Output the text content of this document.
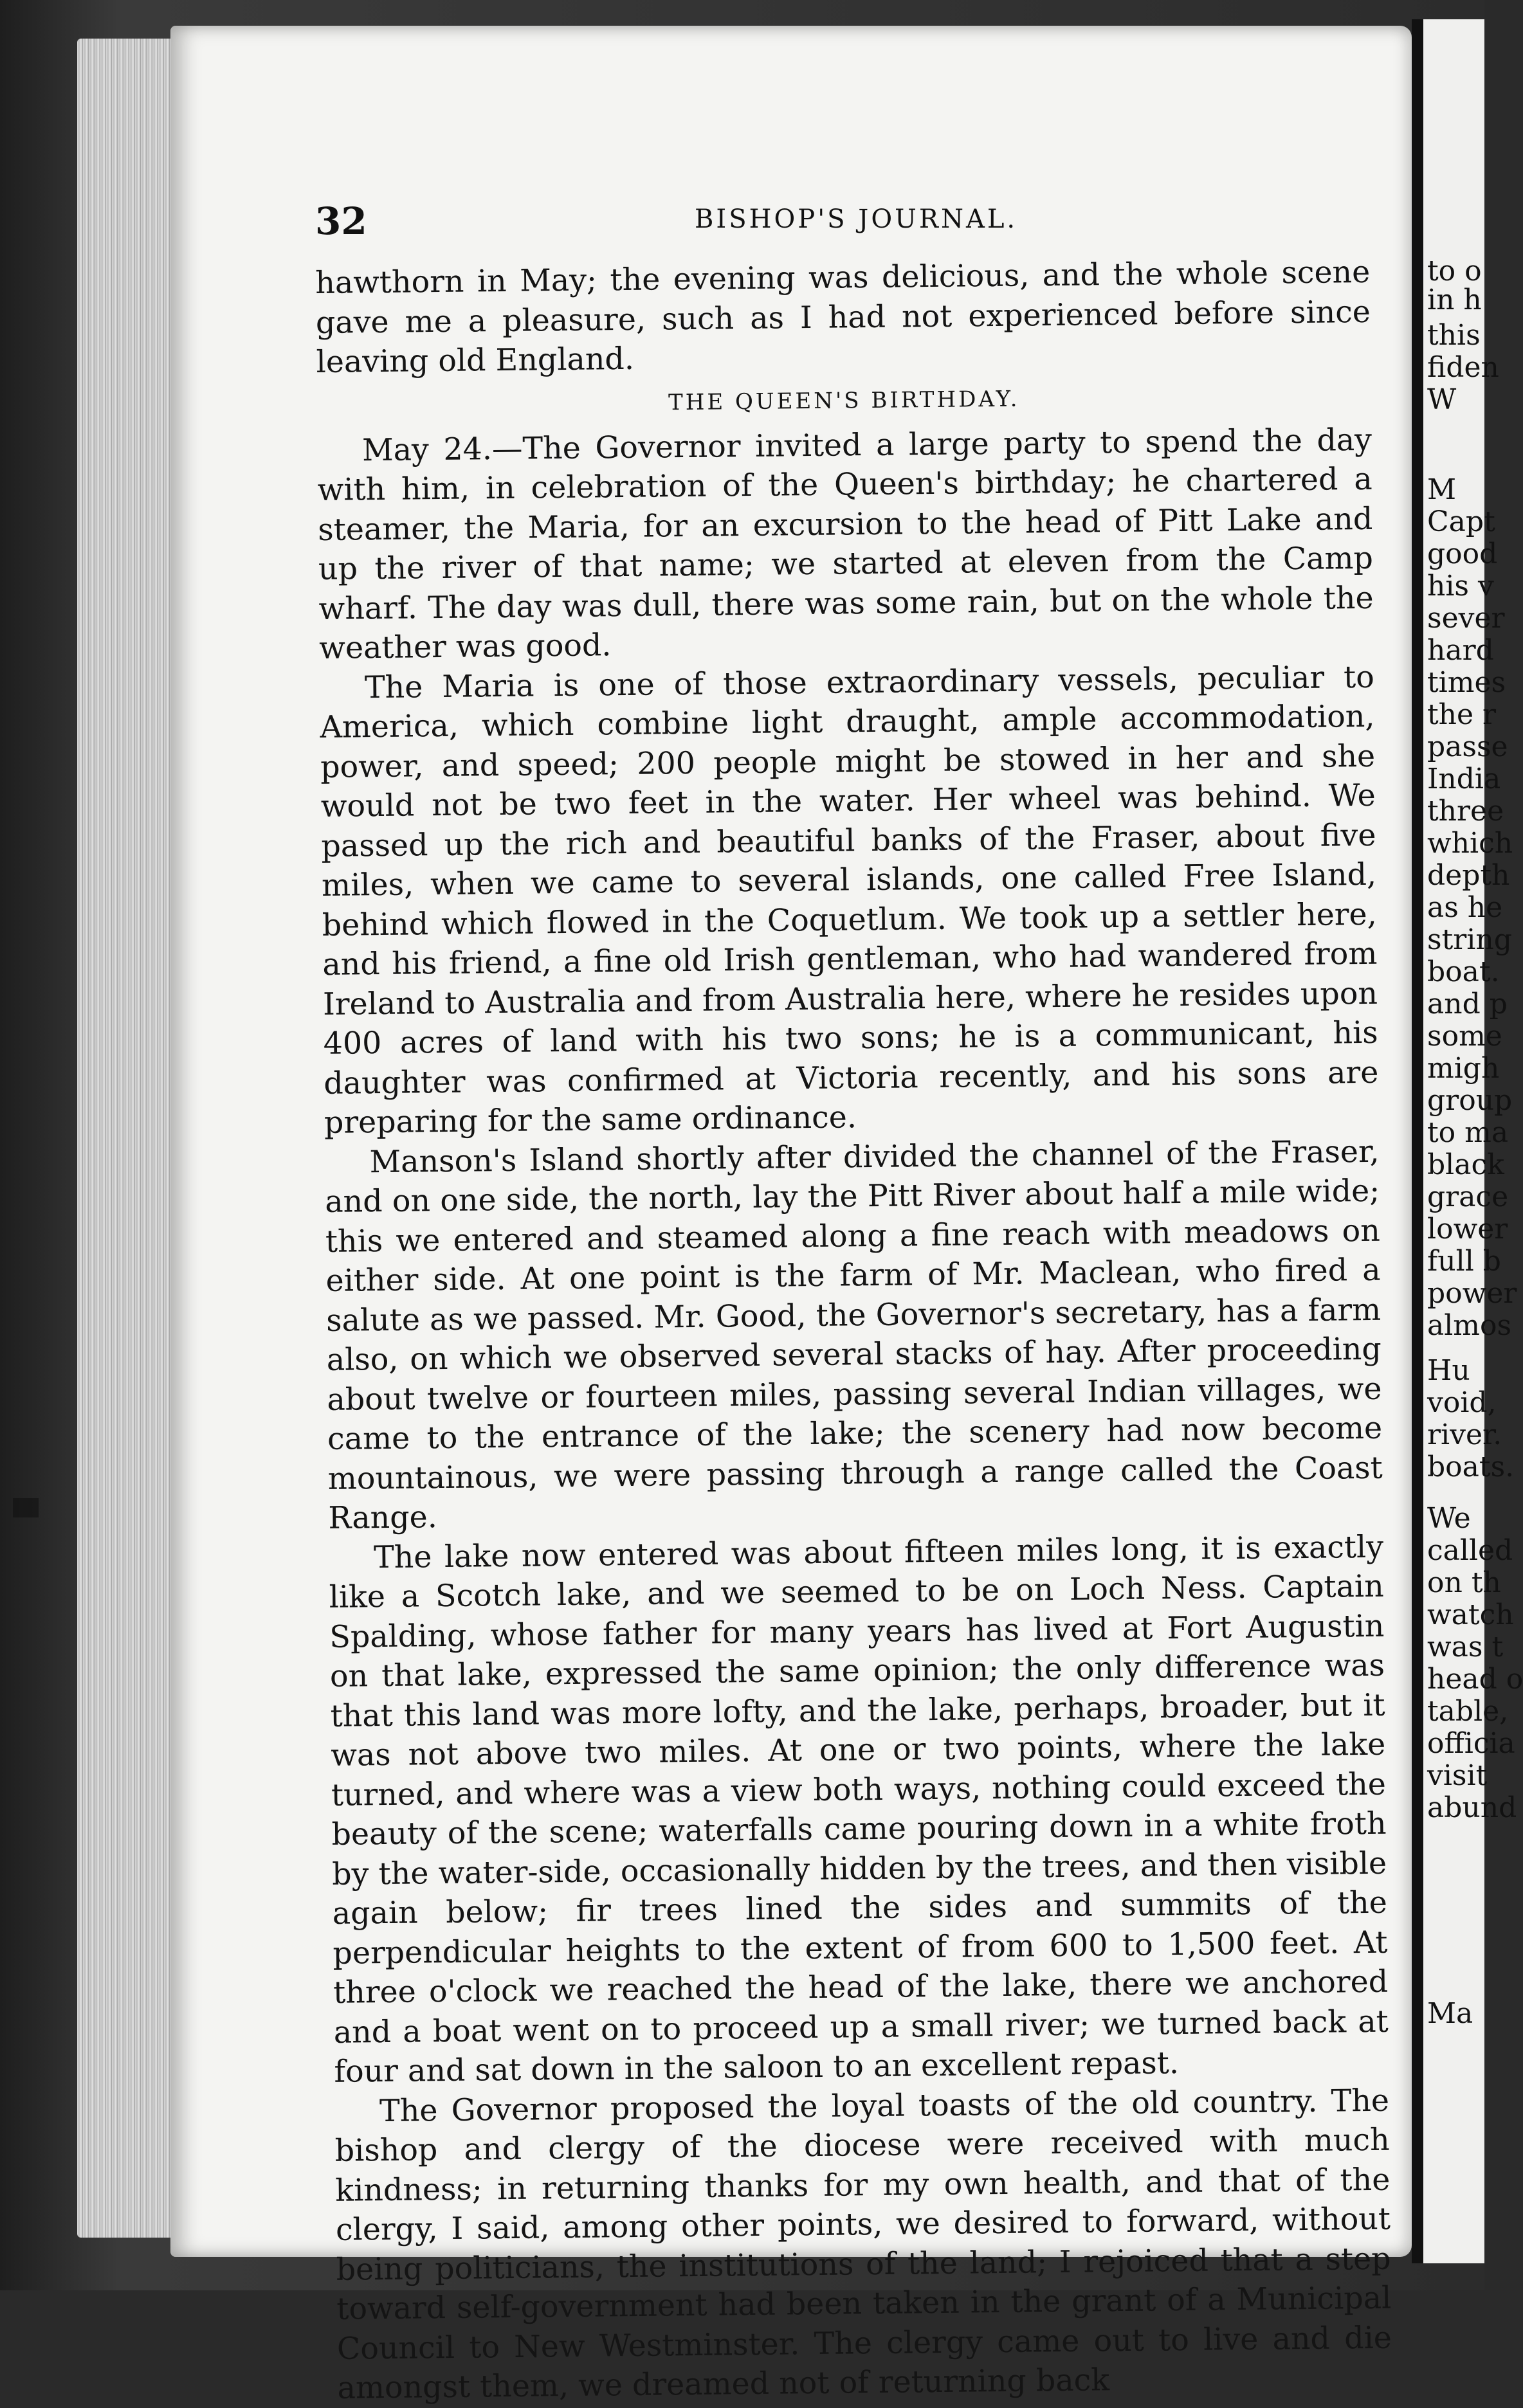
32	BISHOP'S JOURNAL.

hawthorn in May; the evening was delicious, and the whole scene gave me a pleasure, such as I had not experienced before since leaving old England.

THE QUEEN'S BIRTHDAY.

May 24.—The Governor invited a large party to spend the day with him, in celebration of the Queen's birthday; he chartered a steamer, the Maria, for an excursion to the head of Pitt Lake and up the river of that name; we started at eleven from the Camp wharf. The day was dull, there was some rain, but on the whole the weather was good.

The Maria is one of those extraordinary vessels, peculiar to America, which combine light draught, ample accommodation, power, and speed; 200 people might be stowed in her and she would not be two feet in the water. Her wheel was behind. We passed up the rich and beautiful banks of the Fraser, about five miles, when we came to several islands, one called Free Island, behind which flowed in the Coquetlum. We took up a settler here, and his friend, a fine old Irish gentleman, who had wandered from Ireland to Australia and from Australia here, where he resides upon 400 acres of land with his two sons; he is a communicant, his daughter was confirmed at Victoria recently, and his sons are preparing for the same ordinance.

Manson's Island shortly after divided the channel of the Fraser, and on one side, the north, lay the Pitt River about half a mile wide; this we entered and steamed along a fine reach with meadows on either side. At one point is the farm of Mr. Maclean, who fired a salute as we passed. Mr. Good, the Governor's secretary, has a farm also, on which we observed several stacks of hay. After proceeding about twelve or fourteen miles, passing several Indian villages, we came to the entrance of the lake; the scenery had now become mountainous, we were passing through a range called the Coast Range.

The lake now entered was about fifteen miles long, it is exactly like a Scotch lake, and we seemed to be on Loch Ness. Captain Spalding, whose father for many years has lived at Fort Augustin on that lake, expressed the same opinion; the only difference was that this land was more lofty, and the lake, perhaps, broader, but it was not above two miles. At one or two points, where the lake turned, and where was a view both ways, nothing could exceed the beauty of the scene; waterfalls came pouring down in a white froth by the water-side, occasionally hidden by the trees, and then visible again below; fir trees lined the sides and summits of the perpendicular heights to the extent of from 600 to 1,500 feet. At three o'clock we reached the head of the lake, there we anchored and a boat went on to proceed up a small river; we turned back at four and sat down in the saloon to an excellent repast.

The Governor proposed the loyal toasts of the old country. The bishop and clergy of the diocese were received with much kindness; in returning thanks for my own health, and that of the clergy, I said, among other points, we desired to forward, without being politicians, the institutions of the land; I rejoiced that a step toward self-government had been taken in the grant of a Municipal Council to New Westminster. The clergy came out to live and die amongst them, we dreamed not of returning back

to o
in h
this
fiden
W
M
Capt
good
his v
sever
hard
times
the r
passe
India
three
which
depth
as he
string
boat.
and p
some
migh
group
to ma
black
grace
lower
full b
power
almos
Hu
void,
river.
boats.
We
called
on th
watch
was t
head o
table,
officia
visit
abund
Ma
